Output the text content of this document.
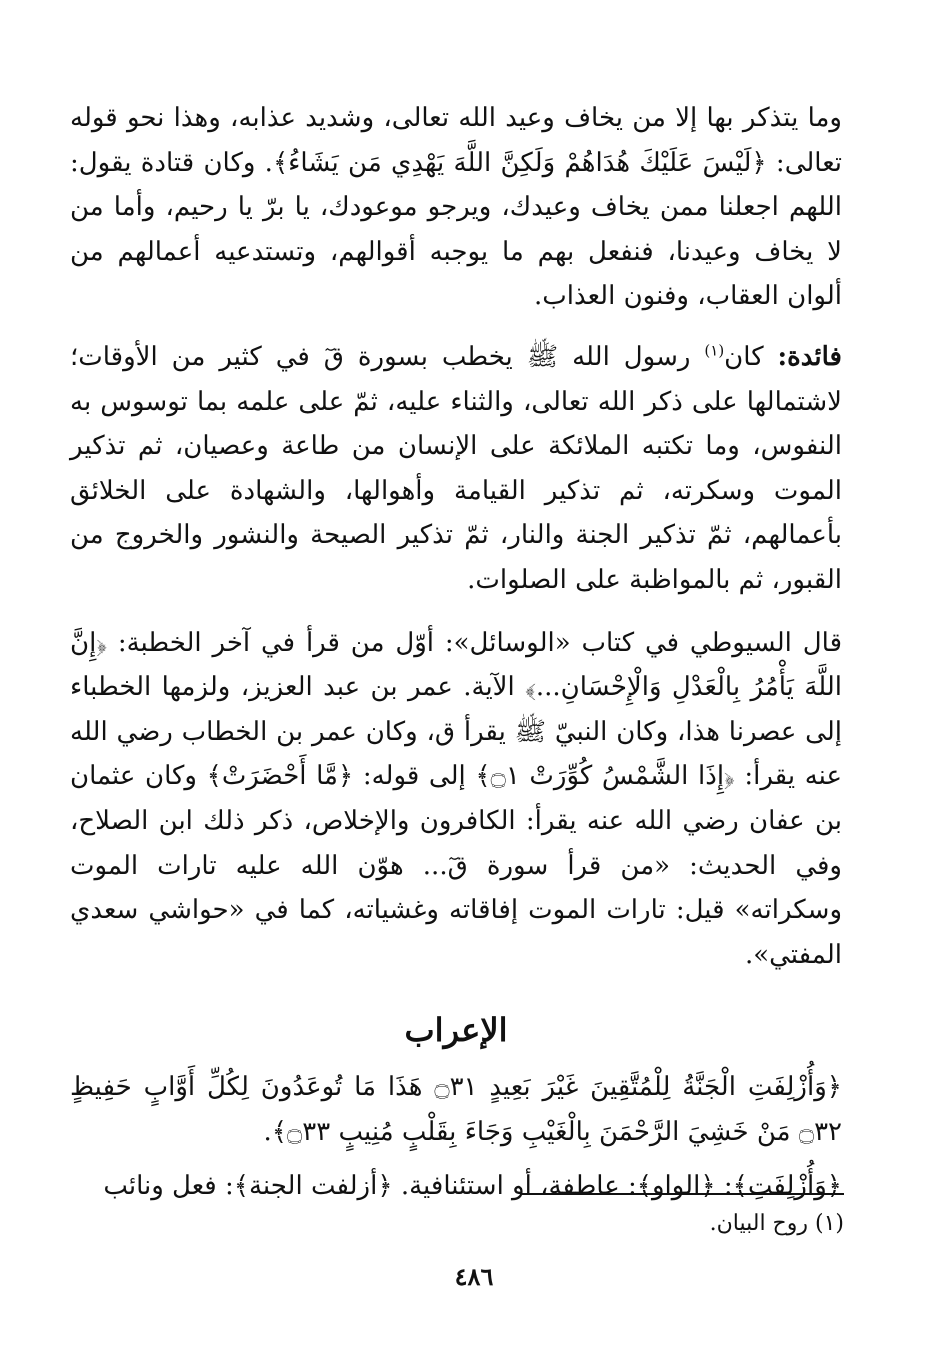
وما يتذكر بها إلا من يخاف وعيد الله تعالى، وشديد عذابه، وهذا نحو قوله تعالى: ﴿لَيْسَ عَلَيْكَ هُدَاهُمْ وَلَكِنَّ اللَّهَ يَهْدِي مَن يَشَاءُ﴾. وكان قتادة يقول: اللهم اجعلنا ممن يخاف وعيدك، ويرجو موعودك، يا برّ يا رحيم، وأما من لا يخاف وعيدنا، فنفعل بهم ما يوجبه أقوالهم، وتستدعيه أعمالهم من ألوان العقاب، وفنون العذاب.

فائدة: كان$^{(١)}$ رسول الله ﷺ يخطب بسورة قٓ في كثير من الأوقات؛ لاشتمالها على ذكر الله تعالى، والثناء عليه، ثمّ على علمه بما توسوس به النفوس، وما تكتبه الملائكة على الإنسان من طاعة وعصيان، ثم تذكير الموت وسكرته، ثم تذكير القيامة وأهوالها، والشهادة على الخلائق بأعمالهم، ثمّ تذكير الجنة والنار، ثمّ تذكير الصيحة والنشور والخروج من القبور، ثم بالمواظبة على الصلوات.

قال السيوطي في كتاب «الوسائل»: أوّل من قرأ في آخر الخطبة: ﴿إِنَّ اللَّهَ يَأْمُرُ بِالْعَدْلِ وَالْإِحْسَانِ...﴾ الآية. عمر بن عبد العزيز، ولزمها الخطباء إلى عصرنا هذا، وكان النبيّ ﷺ يقرأ ق، وكان عمر بن الخطاب رضي الله عنه يقرأ: ﴿إِذَا الشَّمْسُ كُوِّرَتْ ۝١﴾ إلى قوله: ﴿مَّا أَحْضَرَتْ﴾ وكان عثمان بن عفان رضي الله عنه يقرأ: الكافرون والإخلاص، ذكر ذلك ابن الصلاح، وفي الحديث: «من قرأ سورة قٓ... هوّن الله عليه تارات الموت وسكراته» قيل: تارات الموت إفاقاته وغشياته، كما في «حواشي سعدي المفتي».

الإعراب

﴿وَأُزْلِفَتِ الْجَنَّةُ لِلْمُتَّقِينَ غَيْرَ بَعِيدٍ ۝٣١ هَذَا مَا تُوعَدُونَ لِكُلِّ أَوَّابٍ حَفِيظٍ ۝٣٢ مَنْ خَشِيَ الرَّحْمَنَ بِالْغَيْبِ وَجَاءَ بِقَلْبٍ مُنِيبٍ ۝٣٣﴾.

﴿وَأُزْلِفَتِ﴾: ﴿الواو﴾: عاطفة، أو استئنافية. ﴿أزلفت الجنة﴾: فعل ونائب

(١) روح البيان.
٤٨٦
